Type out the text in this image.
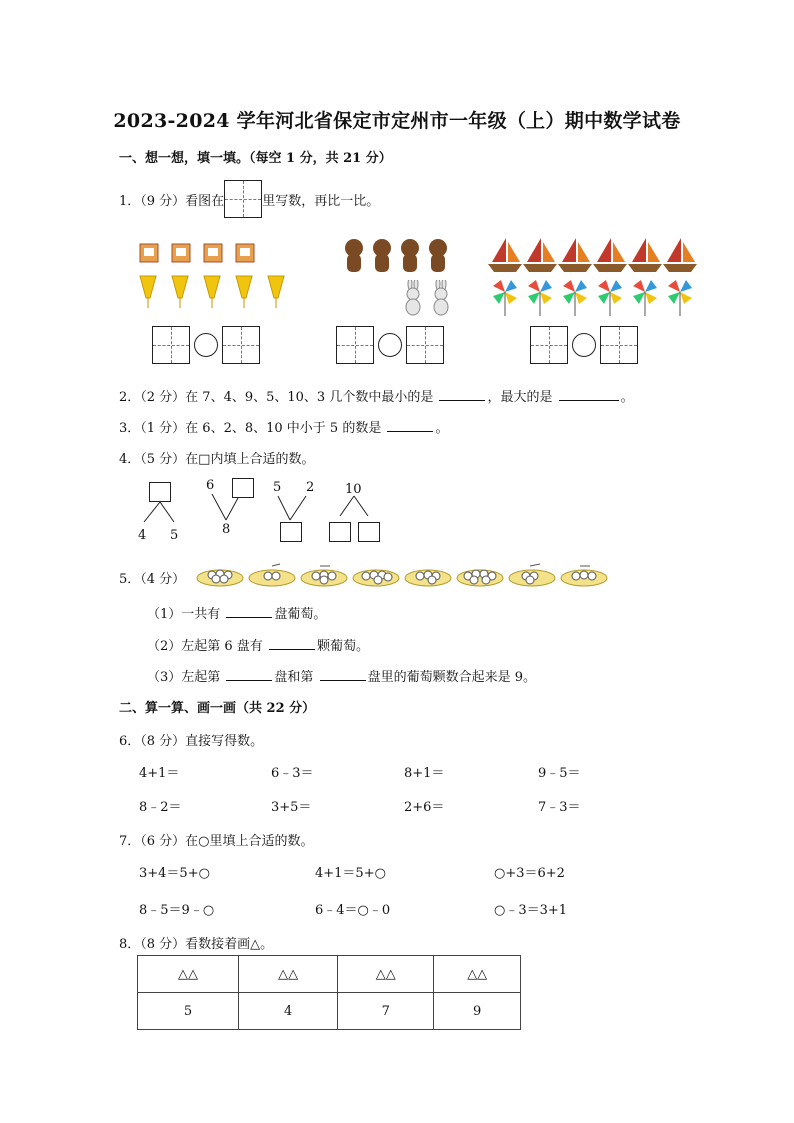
2023-2024 学年河北省保定市定州市一年级（上）期中数学试卷
一、想一想，填一填。（每空 1 分，共 21 分）
1．（9 分）看图在	里写数，再比一比。
2．（2 分）在 7、4、9、5、10、3 几个数中最小的是	，最大的是	。
3．（1 分）在 6、2、8、10 中小于 5 的数是	。
4．（5 分）在□内填上合适的数。
4 5
6
8
5 2 10
5．（4 分）
（1）一共有	盘葡萄。
（2）左起第 6 盘有	颗葡萄。
（3）左起第	盘和第	盘里的葡萄颗数合起来是 9。
二、算一算、画一画（共 22 分）
6．（8 分）直接写得数。
4+1＝	6﹣3＝	8+1＝	9﹣5＝
8﹣2＝	3+5＝	2+6＝	7﹣3＝
7．（6 分）在○里填上合适的数。
3+4＝5+○	4+1＝5+○	○+3＝6+2
8﹣5＝9﹣○	6﹣4＝○﹣0	○﹣3＝3+1
8．（8 分）看数接着画△。
△△	△△	△△	△△
5	4	7	9
